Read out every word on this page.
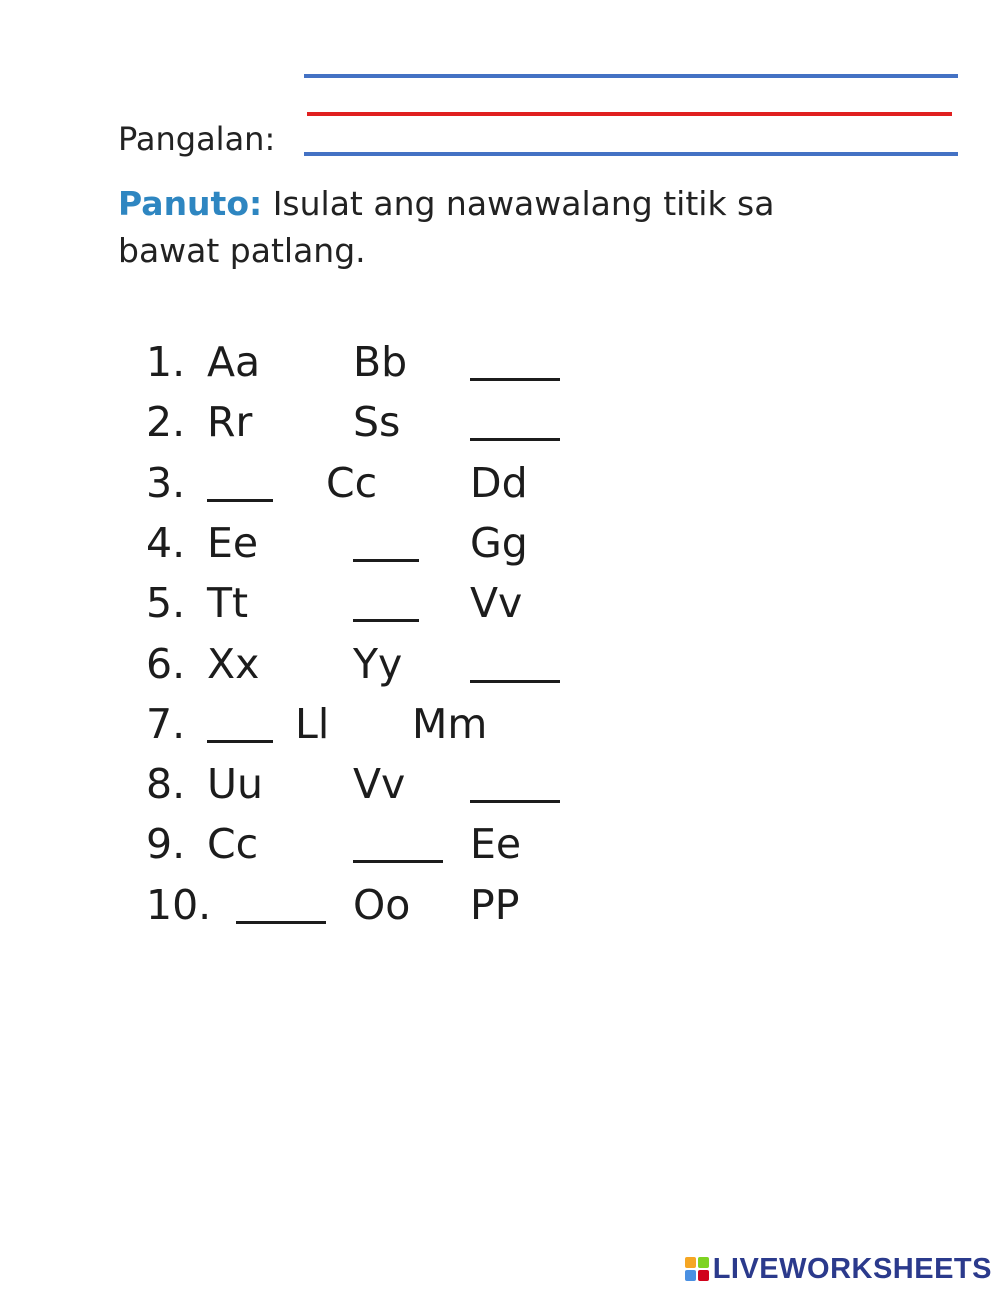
Pangalan:
Panuto: Isulat ang nawawalang titik sa bawat patlang.
1. Aa Bb
2. Rr Ss
3.	Cc Dd
4. Ee	Gg
5. Tt	Vv
6. Xx Yy
7.	Ll Mm
8. Uu Vv
9. Cc	Ee
10.	Oo PP
LIVEWORKSHEETS
